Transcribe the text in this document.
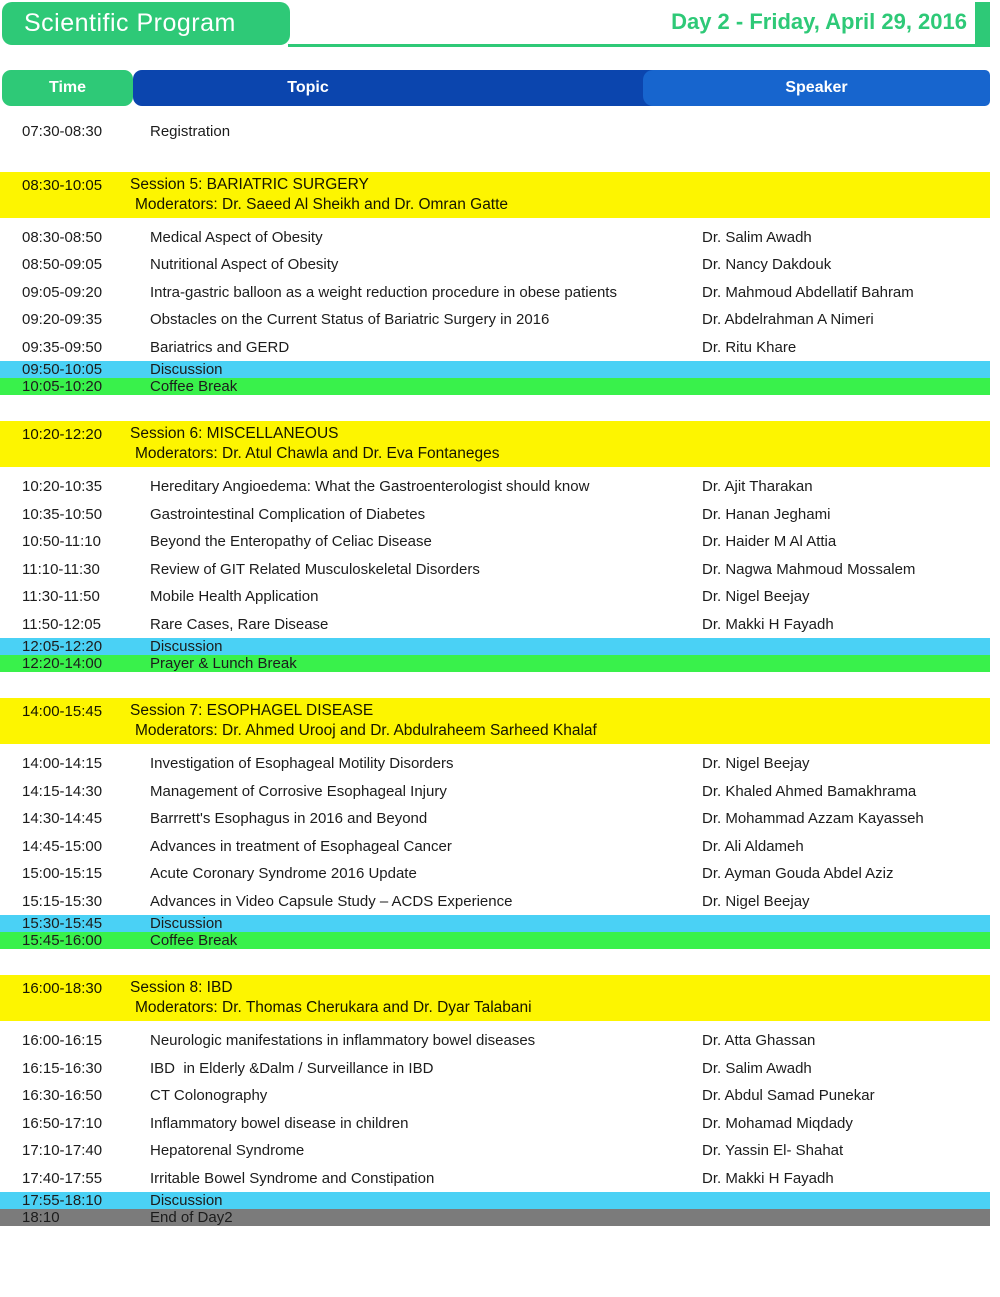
Scientific Program	Day 2 - Friday, April 29, 2016
Time	Topic	Speaker
07:30-08:30	Registration
08:30-10:05	Session 5: BARIATRIC SURGERY
Moderators: Dr. Saeed Al Sheikh and Dr. Omran Gatte
08:30-08:50	Medical Aspect of Obesity	Dr. Salim Awadh
08:50-09:05	Nutritional Aspect of Obesity	Dr. Nancy Dakdouk
09:05-09:20	Intra-gastric balloon as a weight reduction procedure in obese patients	Dr. Mahmoud Abdellatif Bahram
09:20-09:35	Obstacles on the Current Status of Bariatric Surgery in 2016	Dr. Abdelrahman A Nimeri
09:35-09:50	Bariatrics and GERD	Dr. Ritu Khare
09:50-10:05	Discussion
10:05-10:20	Coffee Break
10:20-12:20	Session 6: MISCELLANEOUS
Moderators: Dr. Atul Chawla and Dr. Eva Fontaneges
10:20-10:35	Hereditary Angioedema: What the Gastroenterologist should know	Dr. Ajit Tharakan
10:35-10:50	Gastrointestinal Complication of Diabetes	Dr. Hanan Jeghami
10:50-11:10	Beyond the Enteropathy of Celiac Disease	Dr. Haider M Al Attia
11:10-11:30	Review of GIT Related Musculoskeletal Disorders	Dr. Nagwa Mahmoud Mossalem
11:30-11:50	Mobile Health Application	Dr. Nigel Beejay
11:50-12:05	Rare Cases, Rare Disease	Dr. Makki H Fayadh
12:05-12:20	Discussion
12:20-14:00	Prayer & Lunch Break
14:00-15:45	Session 7: ESOPHAGEL DISEASE
Moderators: Dr. Ahmed Urooj and Dr. Abdulraheem Sarheed Khalaf
14:00-14:15	Investigation of Esophageal Motility Disorders	Dr. Nigel Beejay
14:15-14:30	Management of Corrosive Esophageal Injury	Dr. Khaled Ahmed Bamakhrama
14:30-14:45	Barrrett's Esophagus in 2016 and Beyond	Dr. Mohammad Azzam Kayasseh
14:45-15:00	Advances in treatment of Esophageal Cancer	Dr. Ali Aldameh
15:00-15:15	Acute Coronary Syndrome 2016 Update	Dr. Ayman Gouda Abdel Aziz
15:15-15:30	Advances in Video Capsule Study – ACDS Experience	Dr. Nigel Beejay
15:30-15:45	Discussion
15:45-16:00	Coffee Break
16:00-18:30	Session 8: IBD
Moderators: Dr. Thomas Cherukara and Dr. Dyar Talabani
16:00-16:15	Neurologic manifestations in inflammatory bowel diseases	Dr. Atta Ghassan
16:15-16:30	IBD  in Elderly &Dalm / Surveillance in IBD	Dr. Salim Awadh
16:30-16:50	CT Colonography	Dr. Abdul Samad Punekar
16:50-17:10	Inflammatory bowel disease in children	Dr. Mohamad Miqdady
17:10-17:40	Hepatorenal Syndrome	Dr. Yassin El- Shahat
17:40-17:55	Irritable Bowel Syndrome and Constipation	Dr. Makki H Fayadh
17:55-18:10	Discussion
18:10	End of Day2
